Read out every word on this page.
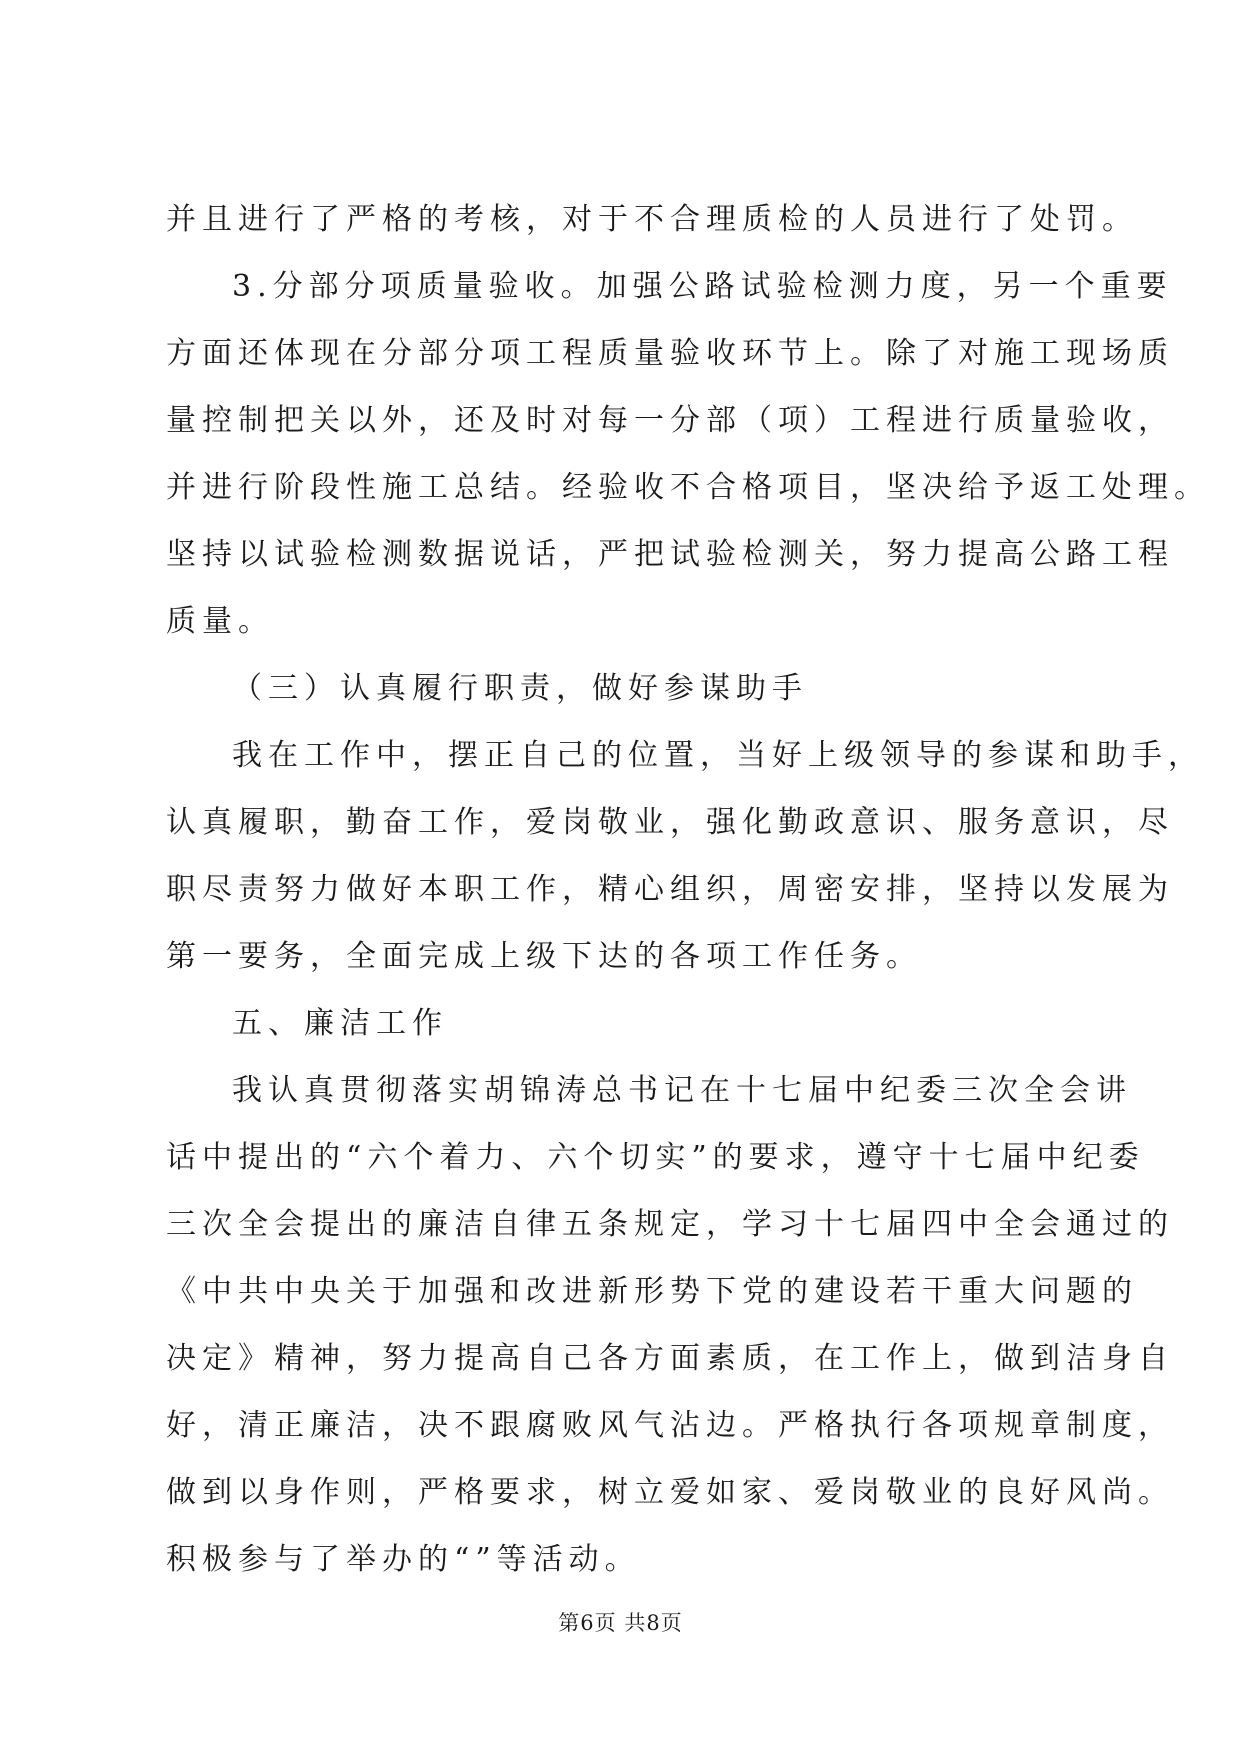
并且进行了严格的考核，对于不合理质检的人员进行了处罚。
3.分部分项质量验收。加强公路试验检测力度，另一个重要
方面还体现在分部分项工程质量验收环节上。除了对施工现场质
量控制把关以外，还及时对每一分部（项）工程进行质量验收，
并进行阶段性施工总结。经验收不合格项目，坚决给予返工处理。
坚持以试验检测数据说话，严把试验检测关，努力提高公路工程
质量。
（三）认真履行职责，做好参谋助手
我在工作中，摆正自己的位置，当好上级领导的参谋和助手，
认真履职，勤奋工作，爱岗敬业，强化勤政意识、服务意识，尽
职尽责努力做好本职工作，精心组织，周密安排，坚持以发展为
第一要务，全面完成上级下达的各项工作任务。
五、廉洁工作
我认真贯彻落实胡锦涛总书记在十七届中纪委三次全会讲
话中提出的“六个着力、六个切实”的要求，遵守十七届中纪委
三次全会提出的廉洁自律五条规定，学习十七届四中全会通过的
《中共中央关于加强和改进新形势下党的建设若干重大问题的
决定》精神，努力提高自己各方面素质，在工作上，做到洁身自
好，清正廉洁，决不跟腐败风气沾边。严格执行各项规章制度，
做到以身作则，严格要求，树立爱如家、爱岗敬业的良好风尚。
积极参与了举办的“”等活动。
第6页 共8页
